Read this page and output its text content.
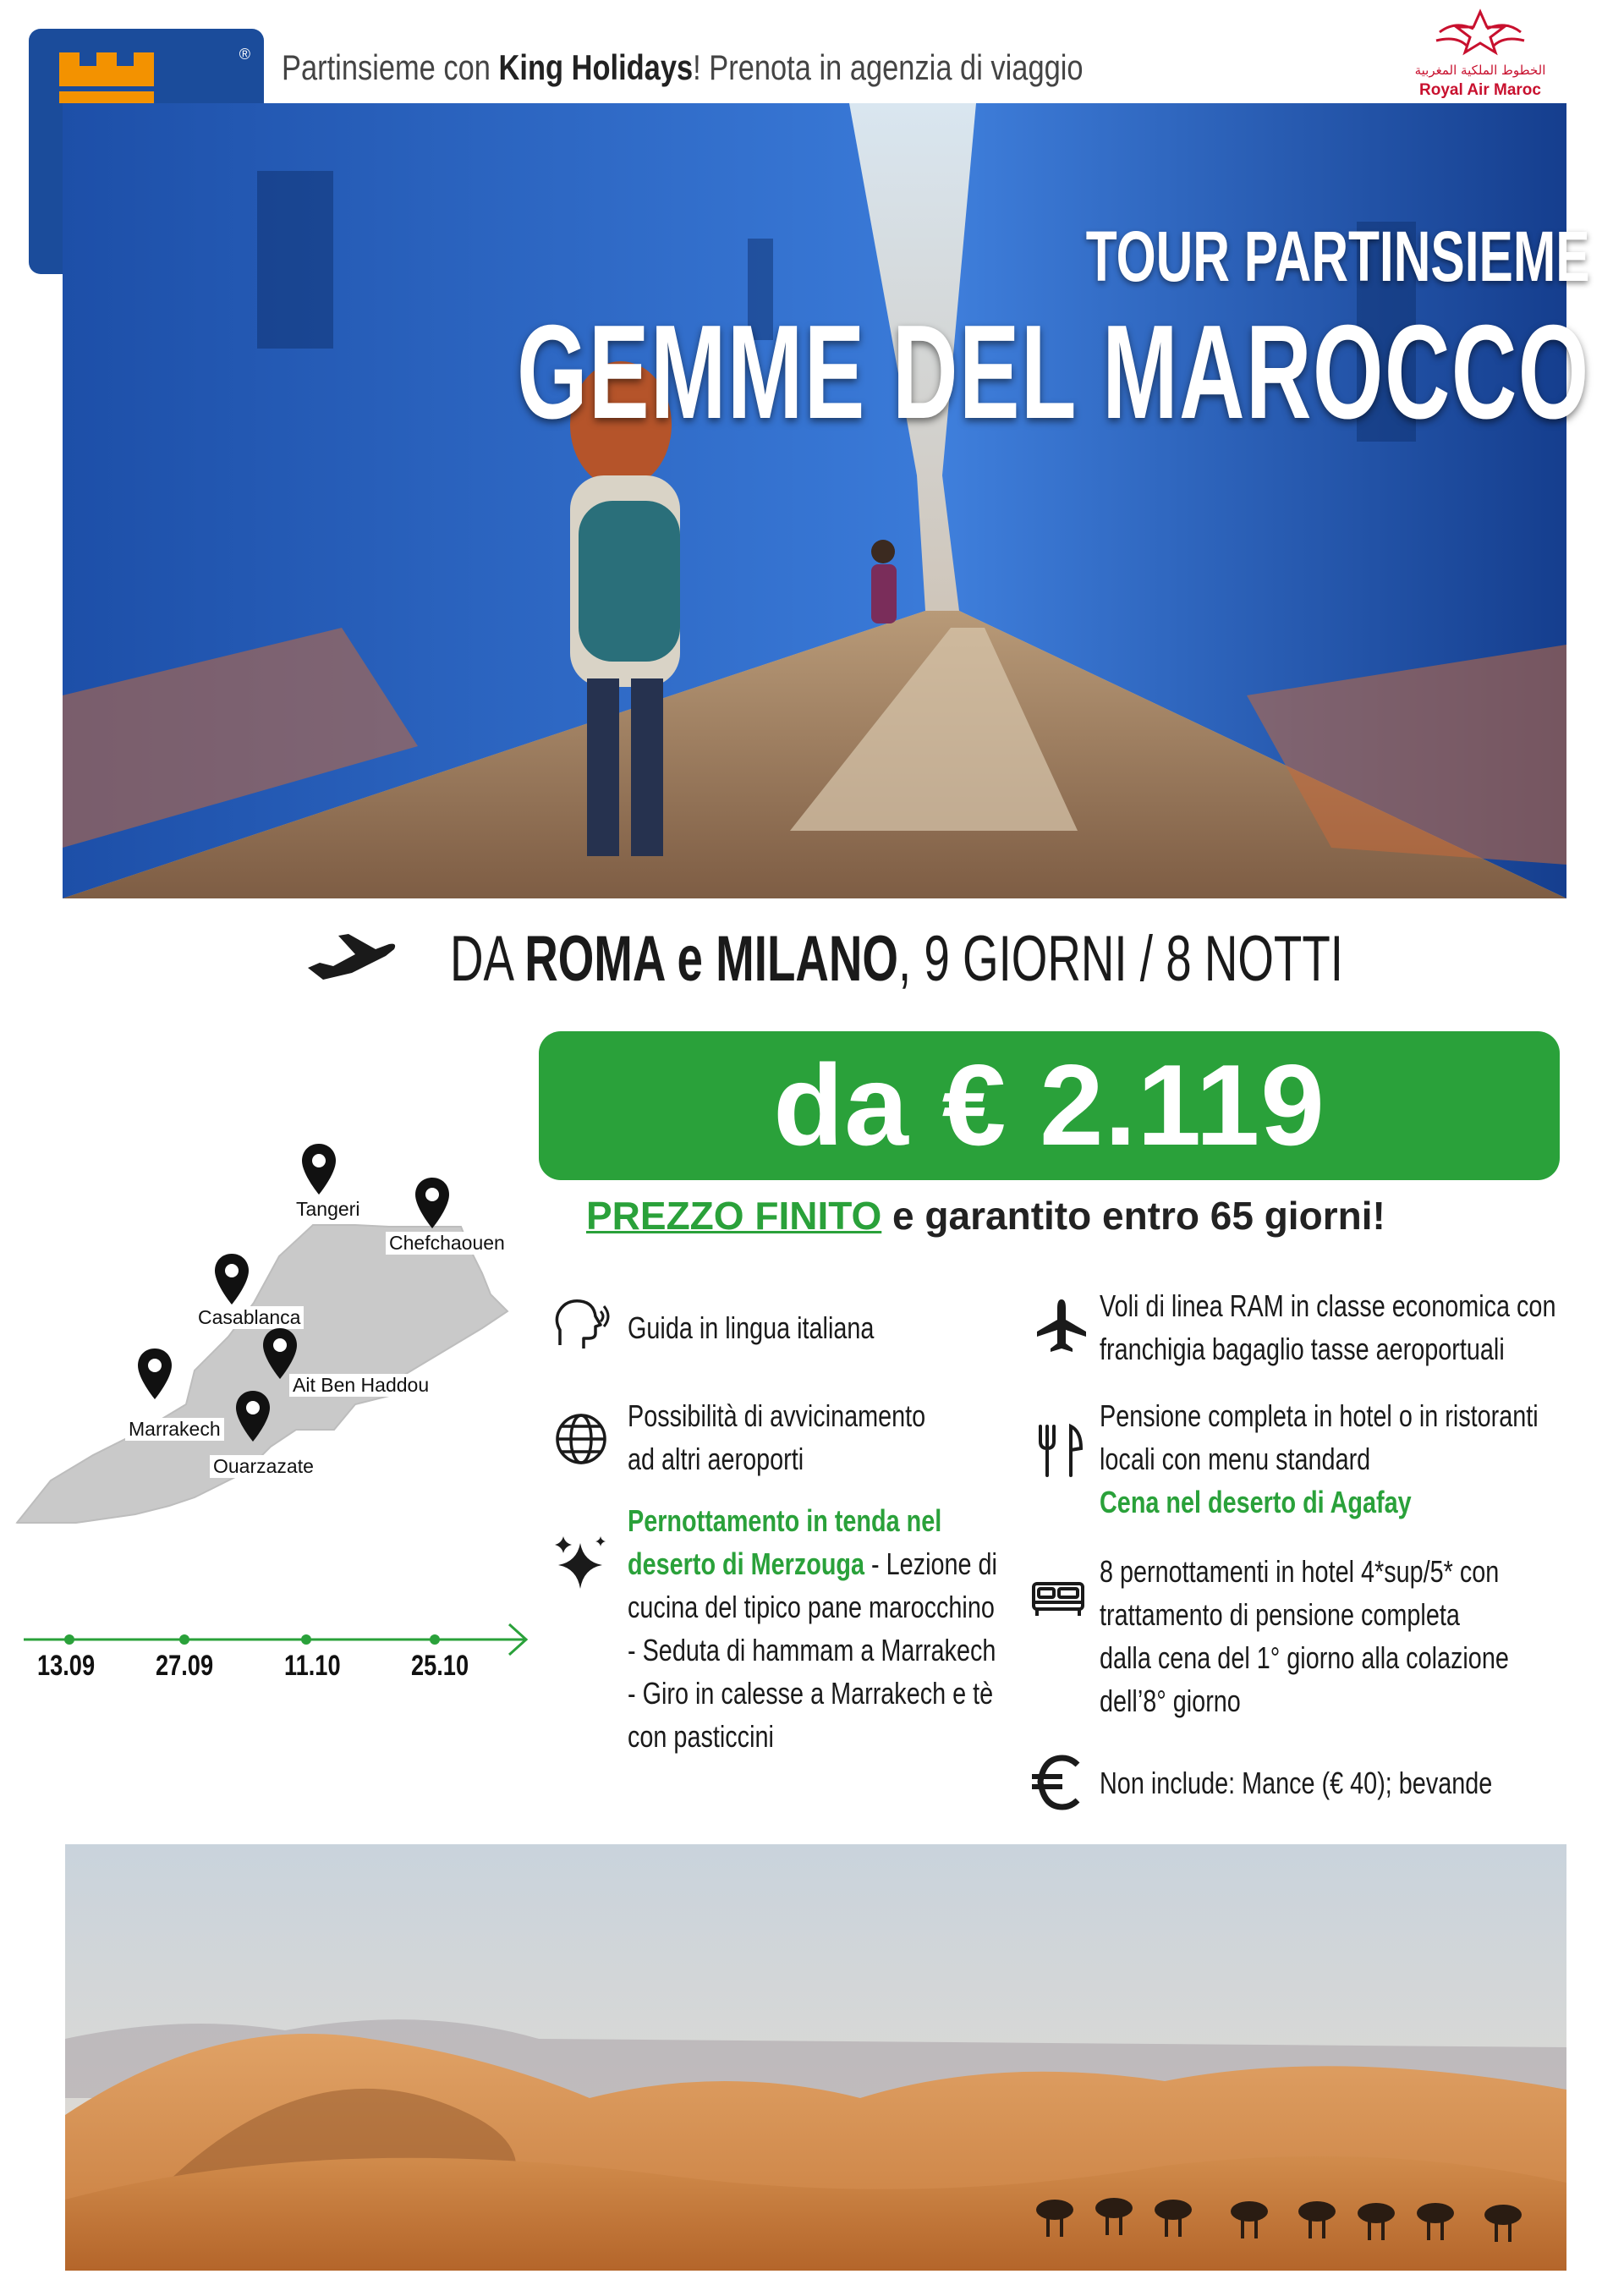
® Partinsieme con King Holidays! Prenota in agenzia di viaggio	الخطوط الملكية المغربية
Royal Air Maroc
TOUR PARTINSIEME
GEMME DEL MAROCCO
DA ROMA e MILANO, 9 GIORNI / 8 NOTTI
da € 2.119
PREZZO FINITO e garantito entro 65 giorni!
Tangeri
Chefchaouen
Casablanca
Ait Ben Haddou
Marrakech
Ouarzazate
13.09 27.09 11.10 25.10
Guida in lingua italiana
Possibilità di avvicinamento
ad altri aeroporti
Pernottamento in tenda nel
deserto di Merzouga - Lezione di
cucina del tipico pane marocchino
- Seduta di hammam a Marrakech
- Giro in calesse a Marrakech e tè
con pasticcini
Voli di linea RAM in classe economica con
franchigia bagaglio tasse aeroportuali
Pensione completa in hotel o in ristoranti
locali con menu standard
Cena nel deserto di Agafay
8 pernottamenti in hotel 4*sup/5* con
trattamento di pensione completa
dalla cena del 1° giorno alla colazione
dell’8° giorno
Non include: Mance (€ 40); bevande
